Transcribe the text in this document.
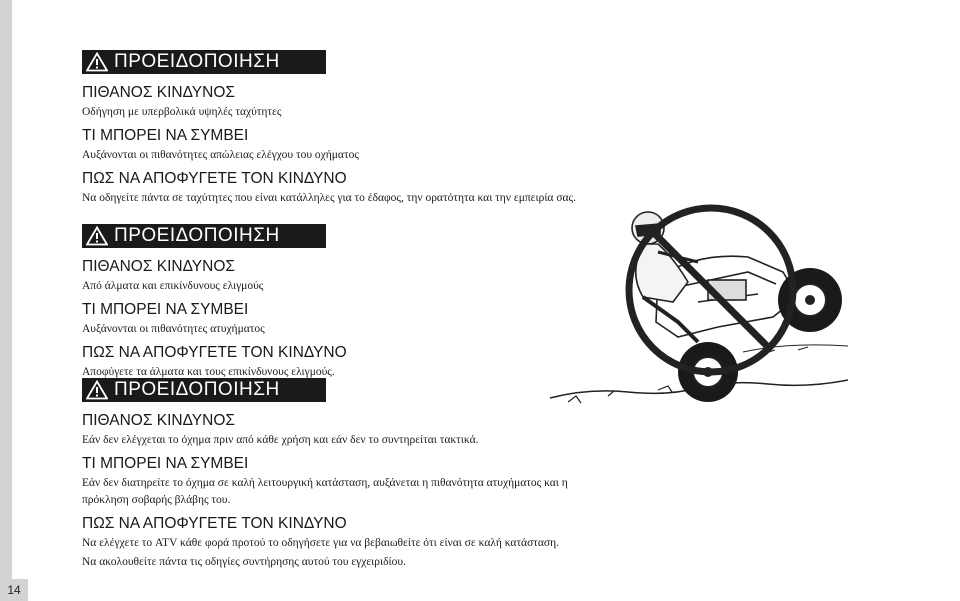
14
ΠΡΟΕΙΔΟΠΟΙΗΣΗ
ΠΙΘΑΝΟΣ ΚΙΝΔΥΝΟΣ
Οδήγηση με υπερβολικά υψηλές ταχύτητες
ΤΙ ΜΠΟΡΕΙ ΝΑ ΣΥΜΒΕΙ
Αυξάνονται οι πιθανότητες απώλειας ελέγχου του οχήματος
ΠΩΣ ΝΑ ΑΠΟΦΥΓΕΤΕ ΤΟΝ ΚΙΝΔΥΝΟ
Να οδηγείτε πάντα σε ταχύτητες που είναι κατάλληλες για το έδαφος, την ορατότητα και την εμπειρία σας.
ΠΡΟΕΙΔΟΠΟΙΗΣΗ
ΠΙΘΑΝΟΣ ΚΙΝΔΥΝΟΣ
Από άλματα και επικίνδυνους ελιγμούς
ΤΙ ΜΠΟΡΕΙ ΝΑ ΣΥΜΒΕΙ
Αυξάνονται οι πιθανότητες ατυχήματος
ΠΩΣ ΝΑ ΑΠΟΦΥΓΕΤΕ ΤΟΝ ΚΙΝΔΥΝΟ
Αποφύγετε τα άλματα και τους επικίνδυνους ελιγμούς.
ΠΡΟΕΙΔΟΠΟΙΗΣΗ
ΠΙΘΑΝΟΣ ΚΙΝΔΥΝΟΣ
Εάν δεν ελέγχεται το όχημα πριν από κάθε χρήση και εάν δεν το συντηρείται τακτικά.
ΤΙ ΜΠΟΡΕΙ ΝΑ ΣΥΜΒΕΙ
Εάν δεν διατηρείτε το όχημα σε καλή λειτουργική κατάσταση, αυξάνεται η πιθανότητα ατυχήματος και η πρόκληση σοβαρής βλάβης του.
ΠΩΣ ΝΑ ΑΠΟΦΥΓΕΤΕ ΤΟΝ ΚΙΝΔΥΝΟ
Να ελέγχετε το ATV κάθε φορά προτού το οδηγήσετε για να βεβαιωθείτε ότι είναι σε καλή κατάσταση.
Να ακολουθείτε πάντα τις οδηγίες συντήρησης αυτού του εγχειριδίου.
